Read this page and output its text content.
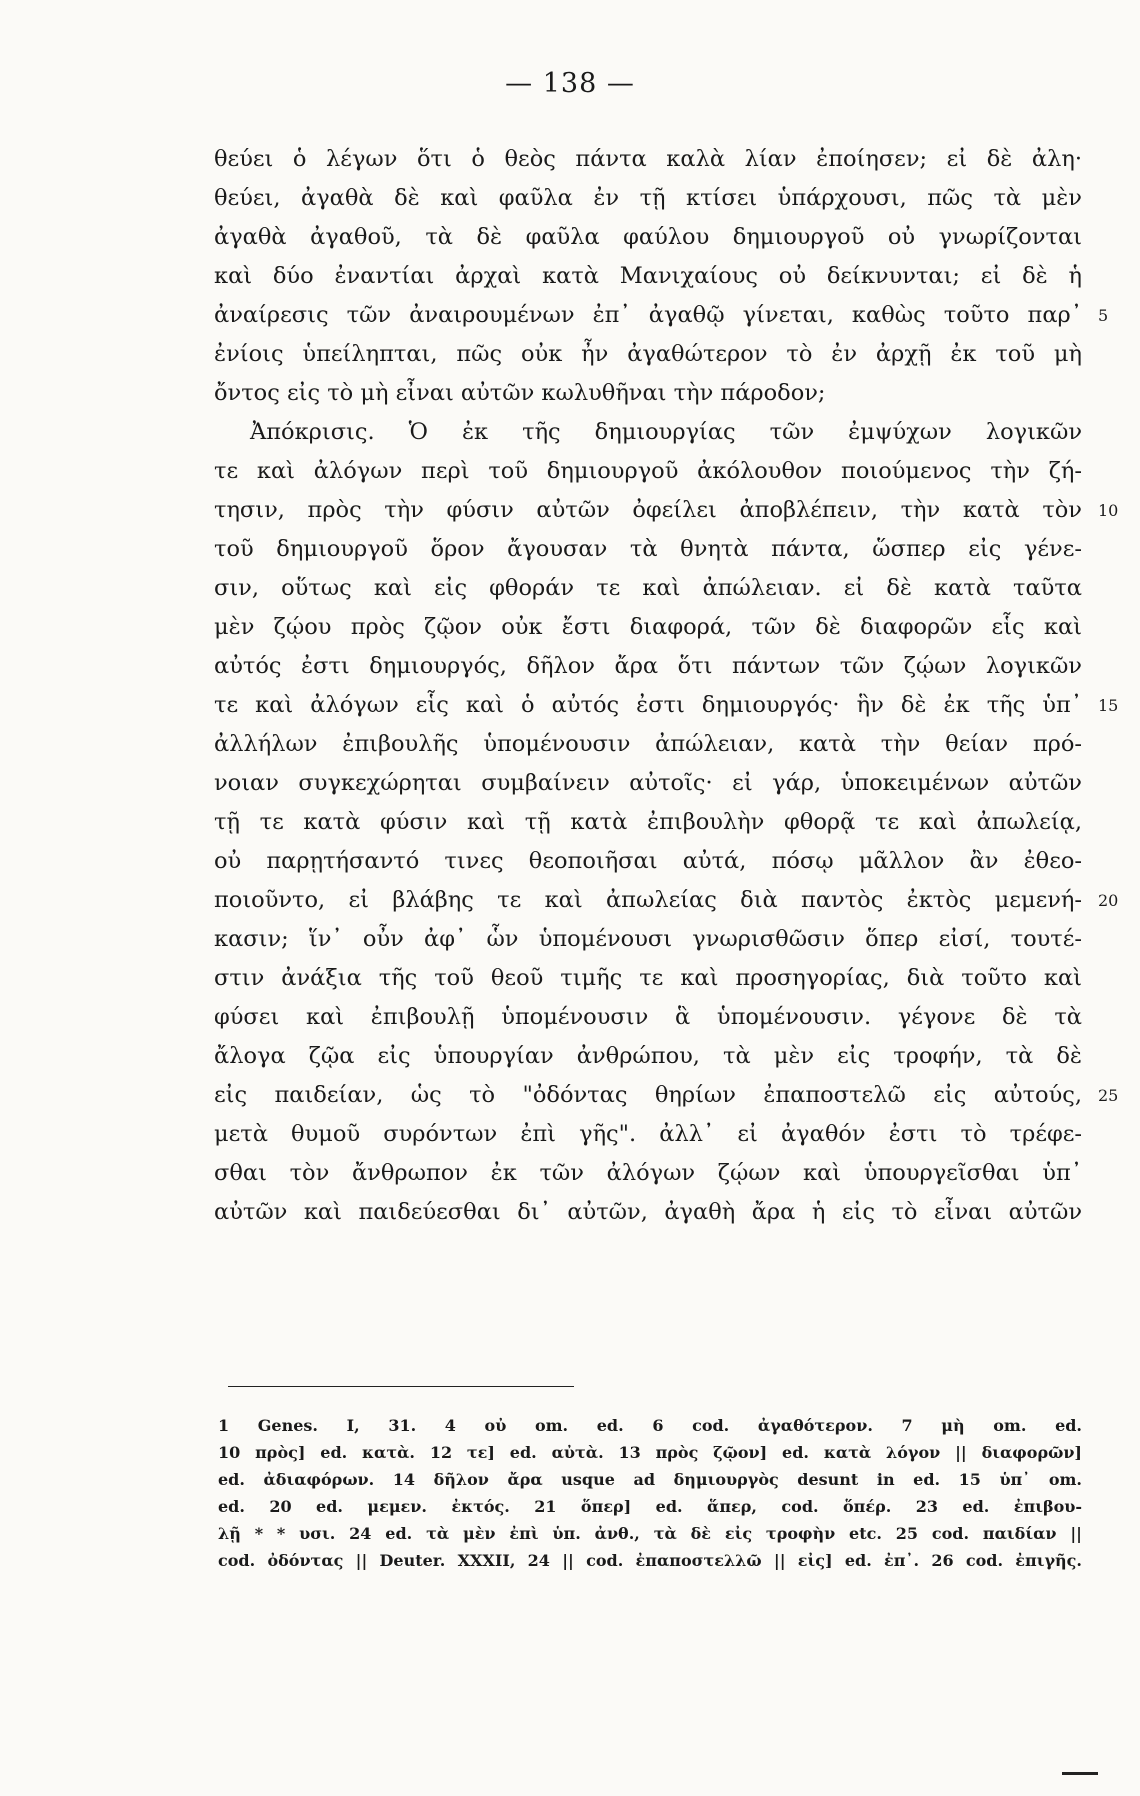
— 138 —
θεύει ὁ λέγων ὅτι ὁ θεὸς πάντα καλὰ λίαν ἐποίησεν; εἰ δὲ ἀλη·
θεύει, ἀγαθὰ δὲ καὶ φαῦλα ἐν τῇ κτίσει ὑπάρχουσι, πῶς τὰ μὲν
ἀγαθὰ ἀγαθοῦ, τὰ δὲ φαῦλα φαύλου δημιουργοῦ οὐ γνωρίζονται
καὶ δύο ἐναντίαι ἀρχαὶ κατὰ Μανιχαίους οὐ δείκνυνται; εἰ δὲ ἡ
ἀναίρεσις τῶν ἀναιρουμένων ἐπ᾽ ἀγαθῷ γίνεται, καθὼς τοῦτο παρ᾽
ἐνίοις ὑπείληπται, πῶς οὐκ ἦν ἀγαθώτερον τὸ ἐν ἀρχῇ ἐκ τοῦ μὴ
ὄντος εἰς τὸ μὴ εἶναι αὐτῶν κωλυθῆναι τὴν πάροδον;
Ἀπόκρισις. Ὁ ἐκ τῆς δημιουργίας τῶν ἐμψύχων λογικῶν
τε καὶ ἀλόγων περὶ τοῦ δημιουργοῦ ἀκόλουθον ποιούμενος τὴν ζή-
τησιν, πρὸς τὴν φύσιν αὐτῶν ὀφείλει ἀποβλέπειν, τὴν κατὰ τὸν
τοῦ δημιουργοῦ ὅρον ἄγουσαν τὰ θνητὰ πάντα, ὥσπερ εἰς γένε-
σιν, οὕτως καὶ εἰς φθοράν τε καὶ ἀπώλειαν. εἰ δὲ κατὰ ταῦτα
μὲν ζῴου πρὸς ζῷον οὐκ ἔστι διαφορά, τῶν δὲ διαφορῶν εἷς καὶ
αὐτός ἐστι δημιουργός, δῆλον ἄρα ὅτι πάντων τῶν ζῴων λογικῶν
τε καὶ ἀλόγων εἷς καὶ ὁ αὐτός ἐστι δημιουργός· ἣν δὲ ἐκ τῆς ὑπ᾽
ἀλλήλων ἐπιβουλῆς ὑπομένουσιν ἀπώλειαν, κατὰ τὴν θείαν πρό-
νοιαν συγκεχώρηται συμβαίνειν αὐτοῖς· εἰ γάρ, ὑποκειμένων αὐτῶν
τῇ τε κατὰ φύσιν καὶ τῇ κατὰ ἐπιβουλὴν φθορᾷ τε καὶ ἀπωλείᾳ,
οὐ παρῃτήσαντό τινες θεοποιῆσαι αὐτά, πόσῳ μᾶλλον ἂν ἐθεο-
ποιοῦντο, εἰ βλάβης τε καὶ ἀπωλείας διὰ παντὸς ἐκτὸς μεμενή-
κασιν; ἵν᾽ οὖν ἀφ᾽ ὧν ὑπομένουσι γνωρισθῶσιν ὅπερ εἰσί, τουτέ-
στιν ἀνάξια τῆς τοῦ θεοῦ τιμῆς τε καὶ προσηγορίας, διὰ τοῦτο καὶ
φύσει καὶ ἐπιβουλῇ ὑπομένουσιν ἃ ὑπομένουσιν. γέγονε δὲ τὰ
ἄλογα ζῷα εἰς ὑπουργίαν ἀνθρώπου, τὰ μὲν εἰς τροφήν, τὰ δὲ
εἰς παιδείαν, ὡς τὸ "ὀδόντας θηρίων ἐπαποστελῶ εἰς αὐτούς,
μετὰ θυμοῦ συρόντων ἐπὶ γῆς". ἀλλ᾽ εἰ ἀγαθόν ἐστι τὸ τρέφε-
σθαι τὸν ἄνθρωπον ἐκ τῶν ἀλόγων ζῴων καὶ ὑπουργεῖσθαι ὑπ᾽
αὐτῶν καὶ παιδεύεσθαι δι᾽ αὐτῶν, ἀγαθὴ ἄρα ἡ εἰς τὸ εἶναι αὐτῶν
5
10
15
20
25
1 Genes. I, 31. 4 οὐ om. ed. 6 cod. ἀγαθότερον. 7 μὴ om. ed.
10 πρὸς] ed. κατὰ. 12 τε] ed. αὐτὰ. 13 πρὸς ζῷον] ed. κατὰ λόγον || διαφορῶν]
ed. ἀδιαφόρων. 14 δῆλον ἄρα usque ad δημιουργὸς desunt in ed. 15 ὑπ᾽ om.
ed. 20 ed. μεμεν. ἐκτός. 21 ὅπερ] ed. ἅπερ, cod. ὅπέρ. 23 ed. ἐπιβου-
λῇ * * υσι. 24 ed. τὰ μὲν ἐπὶ ὑπ. ἀνθ., τὰ δὲ εἰς τροφὴν etc. 25 cod. παιδίαν ||
cod. ὀδόντας || Deuter. XXXII, 24 || cod. ἐπαποστελλῶ || εἰς] ed. ἐπ᾽. 26 cod. ἐπιγῆς.
